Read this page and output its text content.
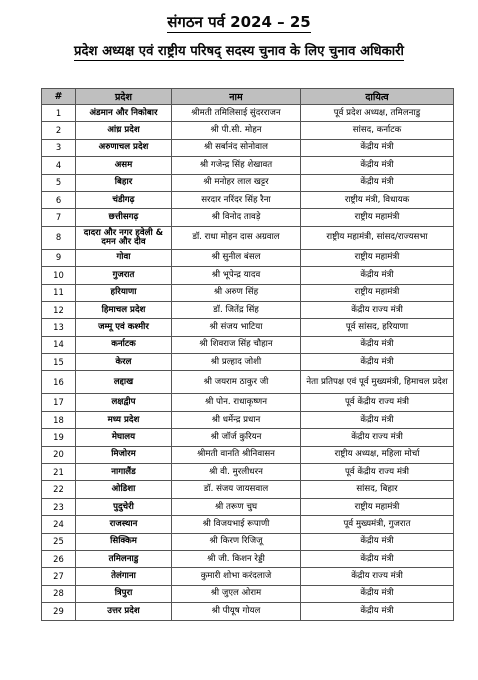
संगठन पर्व 2024 – 25
प्रदेश अध्यक्ष एवं राष्ट्रीय परिषद् सदस्य चुनाव के लिए चुनाव अधिकारी
#	प्रदेश	नाम	दायित्व
1	अंडमान और निकोबार	श्रीमती तमिलिसाई सुंदरराजन	पूर्व प्रदेश अध्यक्ष, तमिलनाडु
2	आंध्र प्रदेश	श्री पी.सी. मोहन	सांसद, कर्नाटक
3	अरुणाचल प्रदेश	श्री सर्बानंद सोनोवाल	केंद्रीय मंत्री
4	असम	श्री गजेन्द्र सिंह शेखावत	केंद्रीय मंत्री
5	बिहार	श्री मनोहर लाल खट्टर	केंद्रीय मंत्री
6	चंडीगढ़	सरदार नरिंदर सिंह रैना	राष्ट्रीय मंत्री, विधायक
7	छत्तीसगढ़	श्री विनोद तावड़े	राष्ट्रीय महामंत्री
8	दादरा और नगर हवेली & दमन और दीव	डॉ. राधा मोहन दास अग्रवाल	राष्ट्रीय महामंत्री, सांसद/राज्यसभा
9	गोवा	श्री सुनील बंसल	राष्ट्रीय महामंत्री
10	गुजरात	श्री भूपेन्द्र यादव	केंद्रीय मंत्री
11	हरियाणा	श्री अरुण सिंह	राष्ट्रीय महामंत्री
12	हिमाचल प्रदेश	डॉ. जितेंद्र सिंह	केंद्रीय राज्य मंत्री
13	जम्मू एवं कश्मीर	श्री संजय भाटिया	पूर्व सांसद, हरियाणा
14	कर्नाटक	श्री शिवराज सिंह चौहान	केंद्रीय मंत्री
15	केरल	श्री प्रल्हाद जोशी	केंद्रीय मंत्री
16	लद्दाख	श्री जयराम ठाकुर जी	नेता प्रतिपक्ष एवं पूर्व मुख्यमंत्री, हिमाचल प्रदेश
17	लक्षद्वीप	श्री पोन. राधाकृष्णन	पूर्व केंद्रीय राज्य मंत्री
18	मध्य प्रदेश	श्री धर्मेन्द्र प्रधान	केंद्रीय मंत्री
19	मेघालय	श्री जॉर्ज कुरियन	केंद्रीय राज्य मंत्री
20	मिजोरम	श्रीमती वानति श्रीनिवासन	राष्ट्रीय अध्यक्ष, महिला मोर्चा
21	नागालैंड	श्री वी. मुरलीधरन	पूर्व केंद्रीय राज्य मंत्री
22	ओडिशा	डॉ. संजय जायसवाल	सांसद, बिहार
23	पुदुचेरी	श्री तरूण चुघ	राष्ट्रीय महामंत्री
24	राजस्थान	श्री विजयभाई रूपाणी	पूर्व मुख्यमंत्री, गुजरात
25	सिक्किम	श्री किरण रिजिजू	केंद्रीय मंत्री
26	तमिलनाडु	श्री जी. किशन रेड्डी	केंद्रीय मंत्री
27	तेलंगाना	कुमारी शोभा करंदलाजे	केंद्रीय राज्य मंत्री
28	त्रिपुरा	श्री जुएल ओराम	केंद्रीय मंत्री
29	उत्तर प्रदेश	श्री पीयूष गोयल	केंद्रीय मंत्री
